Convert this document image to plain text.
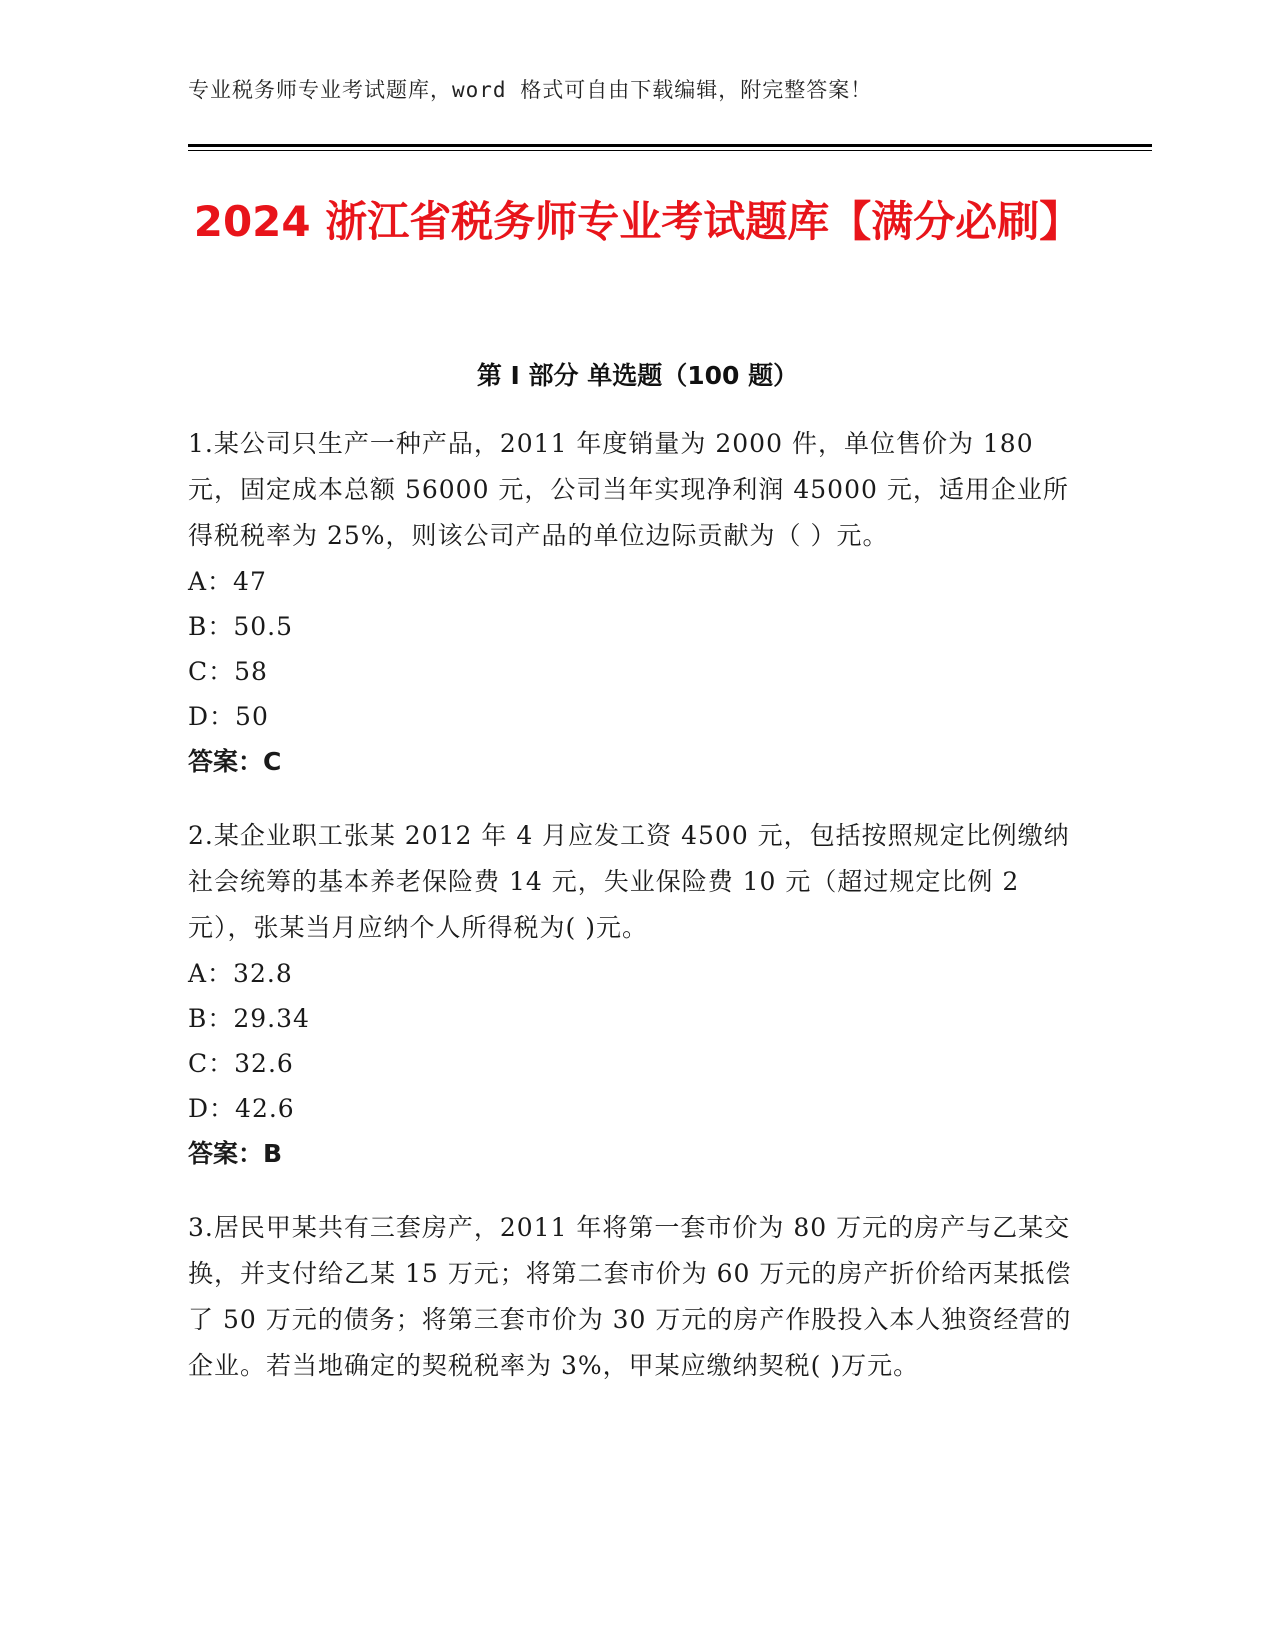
专业税务师专业考试题库，word 格式可自由下载编辑，附完整答案！
2024 浙江省税务师专业考试题库【满分必刷】
第 I 部分 单选题（100 题）

1.某公司只生产一种产品，2011 年度销量为 2000 件，单位售价为 180 元，固定成本总额 56000 元，公司当年实现净利润 45000 元，适用企业所得税税率为 25%，则该公司产品的单位边际贡献为（ ）元。

A：47

B：50.5

C：58

D：50

答案：C

2.某企业职工张某 2012 年 4 月应发工资 4500 元，包括按照规定比例缴纳社会统筹的基本养老保险费 14 元，失业保险费 10 元（超过规定比例 2 元），张某当月应纳个人所得税为( )元。

A：32.8

B：29.34

C：32.6

D：42.6

答案：B

3.居民甲某共有三套房产，2011 年将第一套市价为 80 万元的房产与乙某交换，并支付给乙某 15 万元；将第二套市价为 60 万元的房产折价给丙某抵偿了 50 万元的债务；将第三套市价为 30 万元的房产作股投入本人独资经营的企业。若当地确定的契税税率为 3%，甲某应缴纳契税( )万元。
